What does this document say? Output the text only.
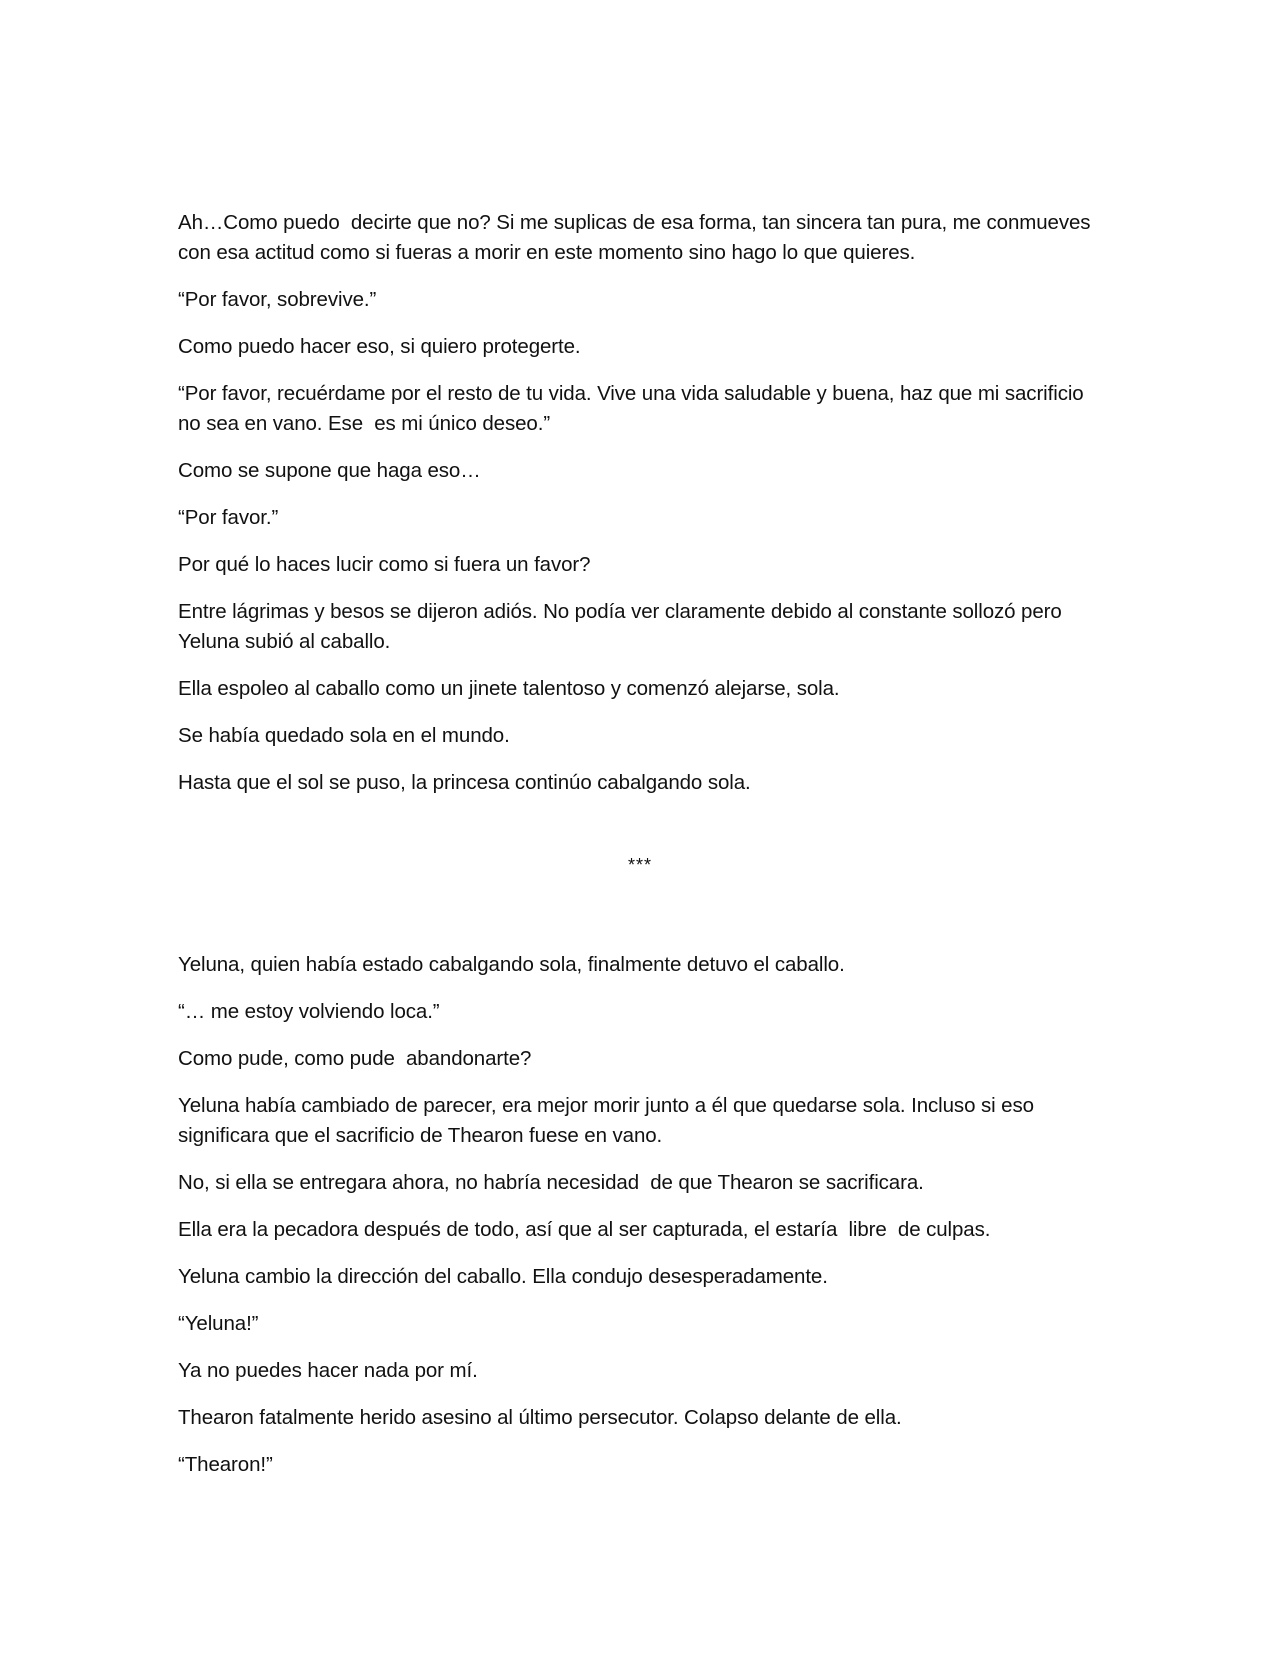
Ah…Como puedo  decirte que no? Si me suplicas de esa forma, tan sincera tan pura, me conmueves con esa actitud como si fueras a morir en este momento sino hago lo que quieres.

“Por favor, sobrevive.”

Como puedo hacer eso, si quiero protegerte.

“Por favor, recuérdame por el resto de tu vida. Vive una vida saludable y buena, haz que mi sacrificio no sea en vano. Ese  es mi único deseo.”

Como se supone que haga eso…

“Por favor.”

Por qué lo haces lucir como si fuera un favor?

Entre lágrimas y besos se dijeron adiós. No podía ver claramente debido al constante sollozó pero Yeluna subió al caballo.

Ella espoleo al caballo como un jinete talentoso y comenzó alejarse, sola.

Se había quedado sola en el mundo.

Hasta que el sol se puso, la princesa continúo cabalgando sola.

***

Yeluna, quien había estado cabalgando sola, finalmente detuvo el caballo.

“… me estoy volviendo loca.”

Como pude, como pude  abandonarte?

Yeluna había cambiado de parecer, era mejor morir junto a él que quedarse sola. Incluso si eso significara que el sacrificio de Thearon fuese en vano.

No, si ella se entregara ahora, no habría necesidad  de que Thearon se sacrificara.

Ella era la pecadora después de todo, así que al ser capturada, el estaría  libre  de culpas.

Yeluna cambio la dirección del caballo. Ella condujo desesperadamente.

“Yeluna!”

Ya no puedes hacer nada por mí.

Thearon fatalmente herido asesino al último persecutor. Colapso delante de ella.

“Thearon!”
